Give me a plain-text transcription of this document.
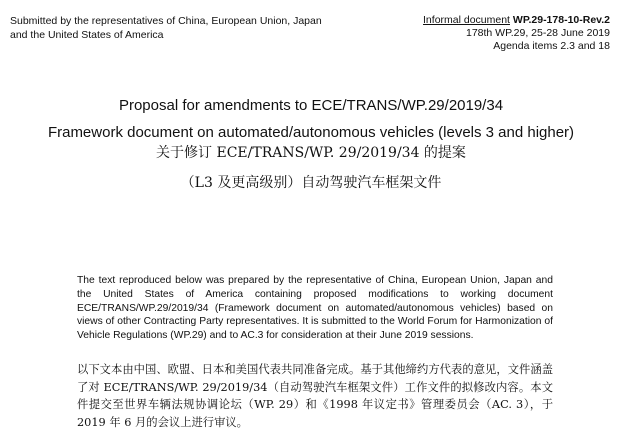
Submitted by the representatives of China, European Union, Japan and the United States of America
Informal document WP.29-178-10-Rev.2
178th WP.29, 25-28 June 2019
Agenda items 2.3 and 18
Proposal for amendments to ECE/TRANS/WP.29/2019/34
Framework document on automated/autonomous vehicles (levels 3 and higher)
关于修订 ECE/TRANS/WP. 29/2019/34 的提案
（L3 及更高级别）自动驾驶汽车框架文件
The text reproduced below was prepared by the representative of China, European Union, Japan and the United States of America containing proposed modifications to working document ECE/TRANS/WP.29/2019/34 (Framework document on automated/autonomous vehicles) based on views of other Contracting Party representatives. It is submitted to the World Forum for Harmonization of Vehicle Regulations (WP.29) and to AC.3 for consideration at their June 2019 sessions.
以下文本由中国、欧盟、日本和美国代表共同准备完成。基于其他缔约方代表的意见，文件涵盖了对 ECE/TRANS/WP. 29/2019/34（自动驾驶汽车框架文件）工作文件的拟修改内容。本文件提交至世界车辆法规协调论坛（WP. 29）和《1998 年议定书》管理委员会（AC. 3），于 2019 年 6 月的会议上进行审议。
